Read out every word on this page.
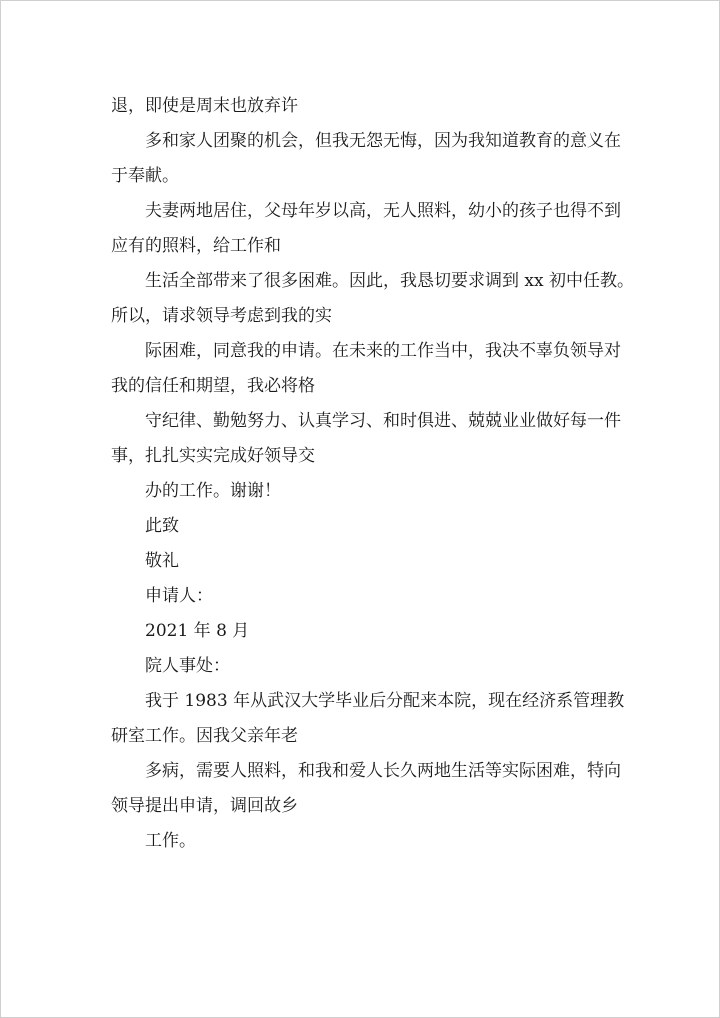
退，即使是周末也放弃许
多和家人团聚的机会，但我无怨无悔，因为我知道教育的意义在
于奉献。
夫妻两地居住，父母年岁以高，无人照料，幼小的孩子也得不到
应有的照料，给工作和
生活全部带来了很多困难。因此，我恳切要求调到 xx 初中任教。
所以，请求领导考虑到我的实
际困难，同意我的申请。在未来的工作当中，我决不辜负领导对
我的信任和期望，我必将格
守纪律、勤勉努力、认真学习、和时俱进、兢兢业业做好每一件
事，扎扎实实完成好领导交
办的工作。谢谢！
此致
敬礼
申请人：
2021 年 8 月
院人事处：
我于 1983 年从武汉大学毕业后分配来本院，现在经济系管理教
研室工作。因我父亲年老
多病，需要人照料，和我和爱人长久两地生活等实际困难，特向
领导提出申请，调回故乡
工作。
